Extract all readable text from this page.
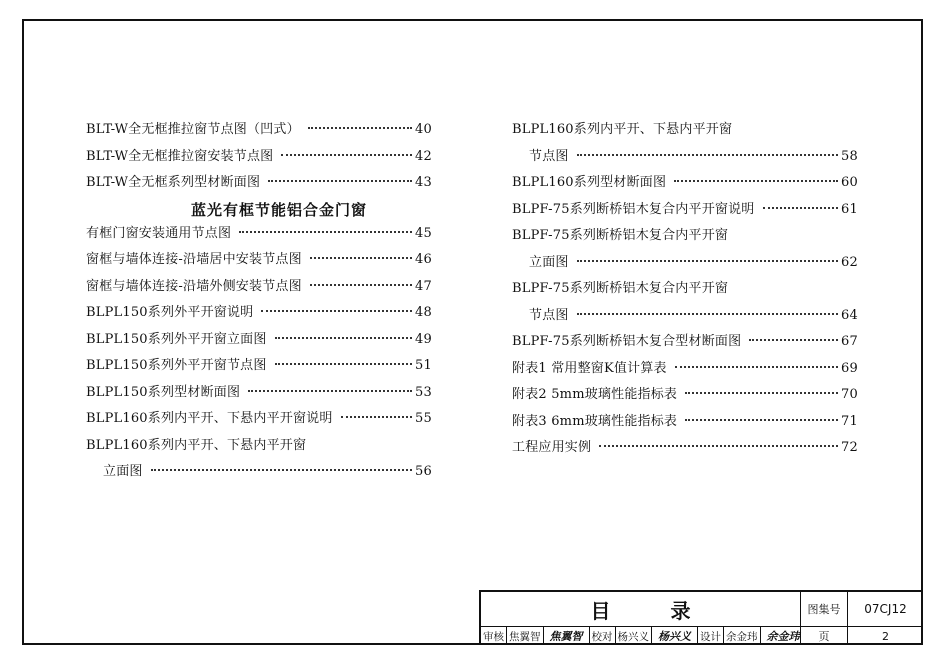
BLT-W全无框推拉窗节点图（凹式）	40
BLT-W全无框推拉窗安装节点图	42
BLT-W全无框系列型材断面图	43
蓝光有框节能铝合金门窗
有框门窗安装通用节点图	45
窗框与墙体连接-沿墙居中安装节点图	46
窗框与墙体连接-沿墙外侧安装节点图	47
BLPL150系列外平开窗说明	48
BLPL150系列外平开窗立面图	49
BLPL150系列外平开窗节点图	51
BLPL150系列型材断面图	53
BLPL160系列内平开、下悬内平开窗说明	55
BLPL160系列内平开、下悬内平开窗
立面图	56
BLPL160系列内平开、下悬内平开窗
节点图	58
BLPL160系列型材断面图	60
BLPF-75系列断桥铝木复合内平开窗说明	61
BLPF-75系列断桥铝木复合内平开窗
立面图	62
BLPF-75系列断桥铝木复合内平开窗
节点图	64
BLPF-75系列断桥铝木复合型材断面图	67
附表1 常用整窗K值计算表	69
附表2 5mm玻璃性能指标表	70
附表3 6mm玻璃性能指标表	71
工程应用实例	72
目录	图集号	07CJ12
页	2
审核 焦翼智 焦翼智 校对 杨兴义 杨兴义 设计 余金玮 余金玮
